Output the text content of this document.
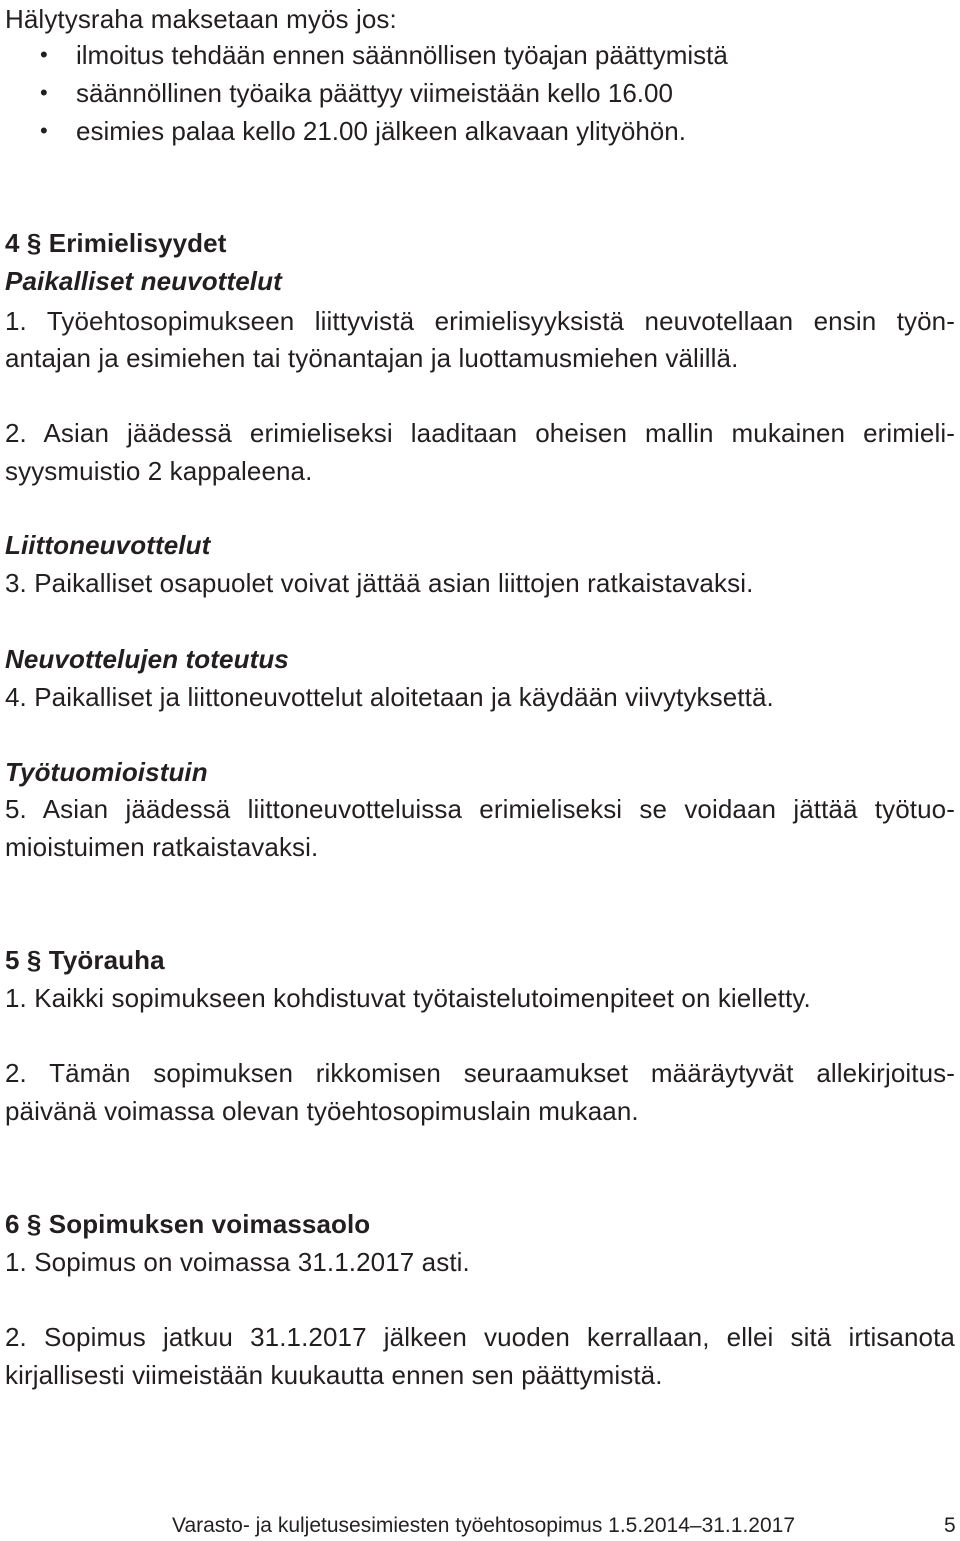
Hälytysraha maksetaan myös jos:
• ilmoitus tehdään ennen säännöllisen työajan päättymistä
• säännöllinen työaika päättyy viimeistään kello 16.00
• esimies palaa kello 21.00 jälkeen alkavaan ylityöhön.
4 § Erimielisyydet
Paikalliset neuvottelut
1. Työehtosopimukseen liittyvistä erimielisyyksistä neuvotellaan ensin työn-
antajan ja esimiehen tai työnantajan ja luottamusmiehen välillä.
2. Asian jäädessä erimieliseksi laaditaan oheisen mallin mukainen erimieli-
syysmuistio 2 kappaleena.
Liittoneuvottelut
3. Paikalliset osapuolet voivat jättää asian liittojen ratkaistavaksi.
Neuvottelujen toteutus
4. Paikalliset ja liittoneuvottelut aloitetaan ja käydään viivytyksettä.
Työtuomioistuin
5. Asian jäädessä liittoneuvotteluissa erimieliseksi se voidaan jättää työtuo-
mioistuimen ratkaistavaksi.
5 § Työrauha
1. Kaikki sopimukseen kohdistuvat työtaistelutoimenpiteet on kielletty.
2. Tämän sopimuksen rikkomisen seuraamukset määräytyvät allekirjoitus-
päivänä voimassa olevan työehtosopimuslain mukaan.
6 § Sopimuksen voimassaolo
1. Sopimus on voimassa 31.1.2017 asti.
2. Sopimus jatkuu 31.1.2017 jälkeen vuoden kerrallaan, ellei sitä irtisanota
kirjallisesti viimeistään kuukautta ennen sen päättymistä.
Varasto- ja kuljetusesimiesten työehtosopimus 1.5.2014–31.1.2017	5
